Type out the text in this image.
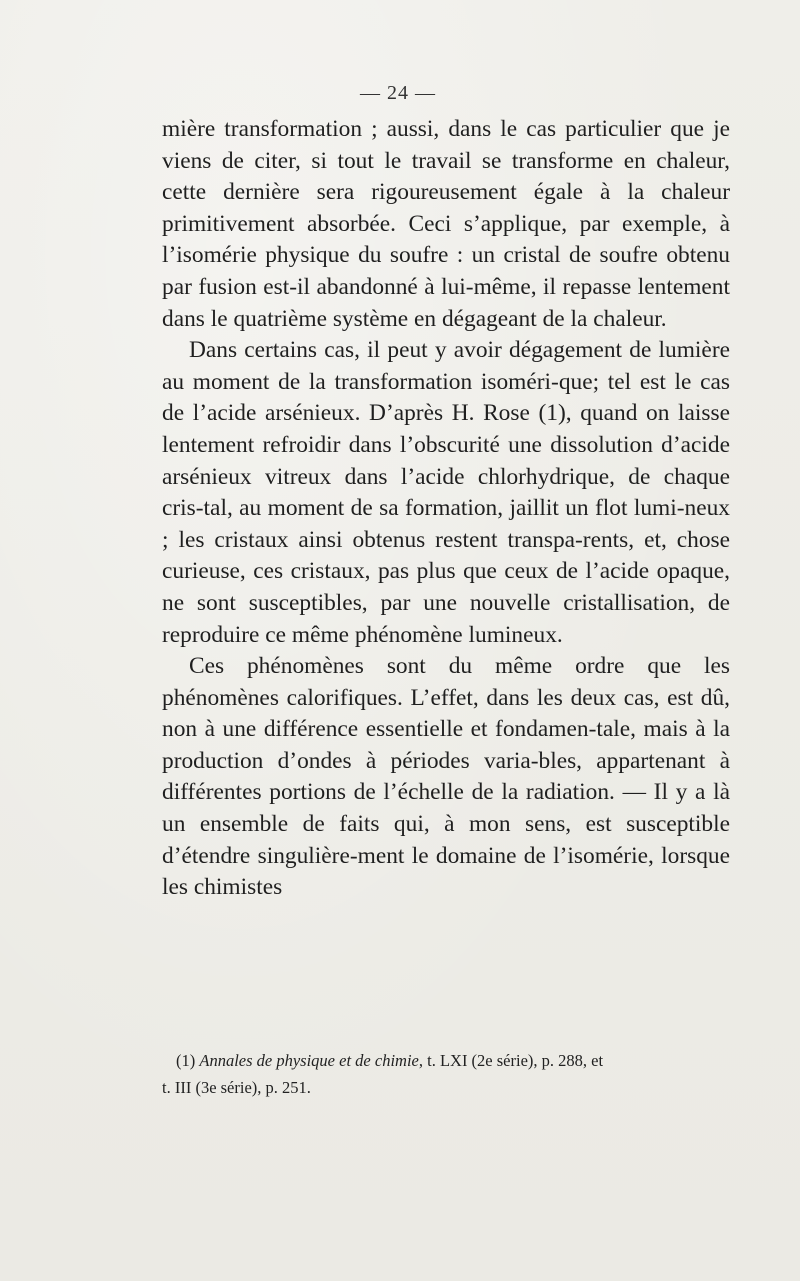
— 24 —

mière transformation ; aussi, dans le cas particulier que je viens de citer, si tout le travail se transforme en chaleur, cette dernière sera rigoureusement égale à la chaleur primitivement absorbée. Ceci s’applique, par exemple, à l’isomérie physique du soufre : un cristal de soufre obtenu par fusion est-il abandonné à lui-même, il repasse lentement dans le quatrième système en dégageant de la chaleur.

Dans certains cas, il peut y avoir dégagement de lumière au moment de la transformation isoméri-que; tel est le cas de l’acide arsénieux. D’après H. Rose (1), quand on laisse lentement refroidir dans l’obscurité une dissolution d’acide arsénieux vitreux dans l’acide chlorhydrique, de chaque cris-tal, au moment de sa formation, jaillit un flot lumi-neux ; les cristaux ainsi obtenus restent transpa-rents, et, chose curieuse, ces cristaux, pas plus que ceux de l’acide opaque, ne sont susceptibles, par une nouvelle cristallisation, de reproduire ce même phénomène lumineux.

Ces phénomènes sont du même ordre que les phénomènes calorifiques. L’effet, dans les deux cas, est dû, non à une différence essentielle et fondamen-tale, mais à la production d’ondes à périodes varia-bles, appartenant à différentes portions de l’échelle de la radiation. — Il y a là un ensemble de faits qui, à mon sens, est susceptible d’étendre singulière-ment le domaine de l’isomérie, lorsque les chimistes

(1) Annales de physique et de chimie, t. LXI (2e série), p. 288, et
t. III (3e série), p. 251.
